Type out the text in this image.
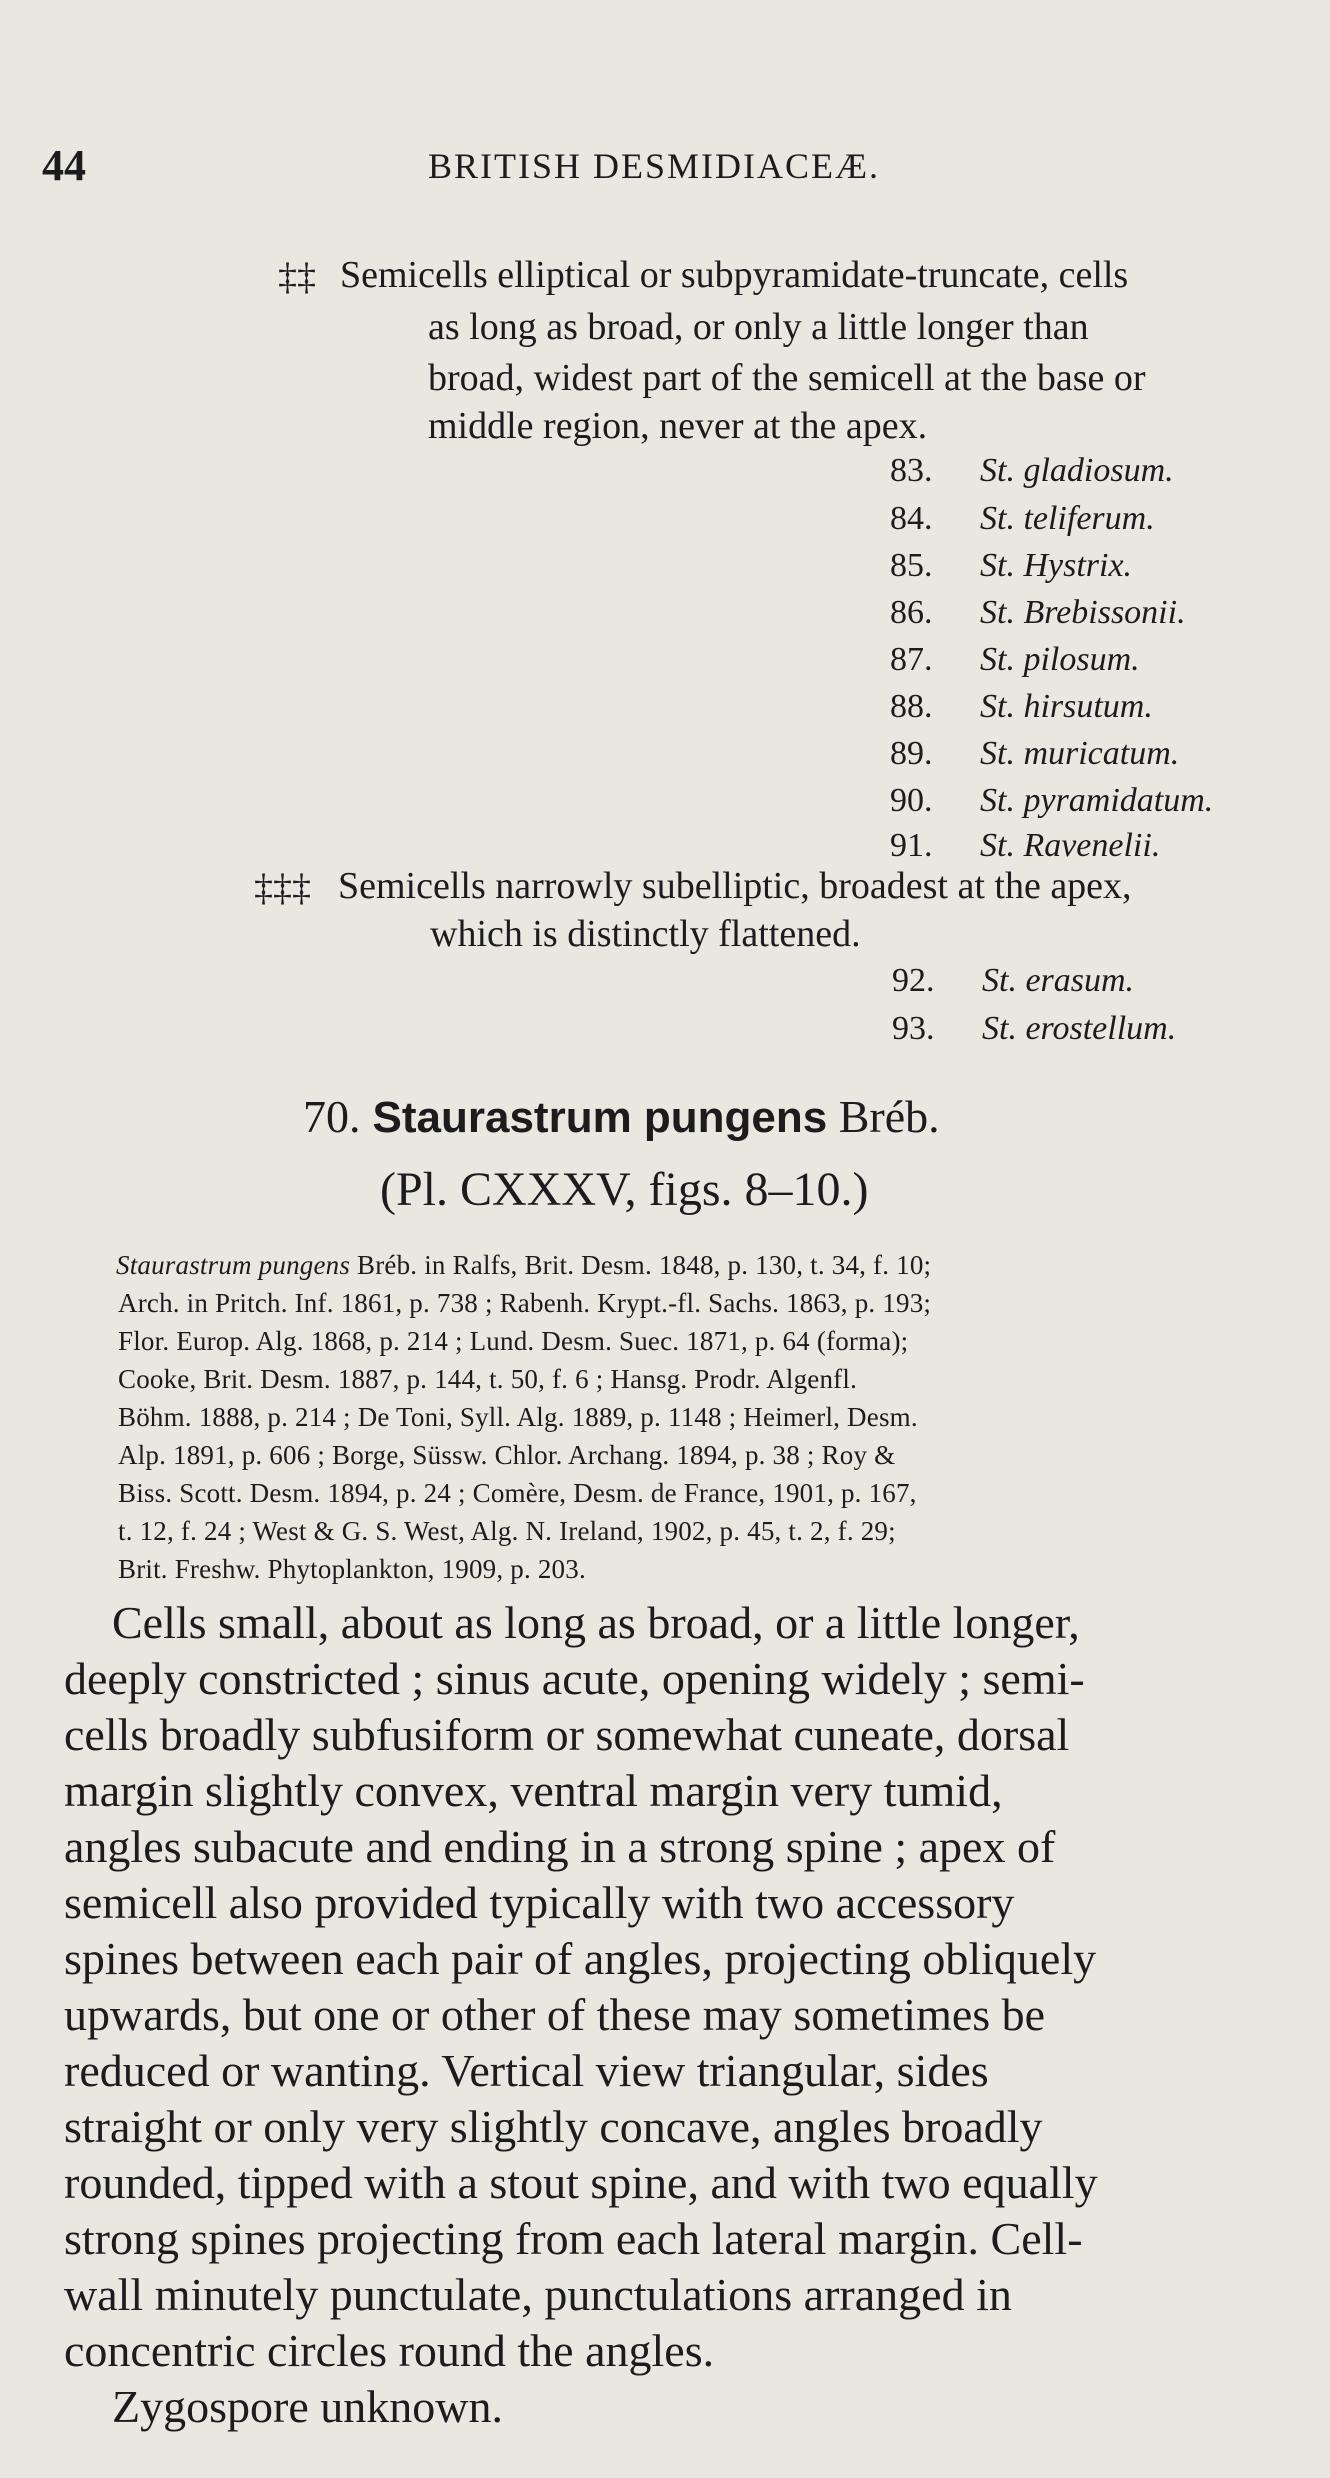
44	BRITISH DESMIDIACEÆ.
‡‡ Semicells elliptical or subpyramidate-truncate, cells
as long as broad, or only a little longer than
broad, widest part of the semicell at the base or
middle region, never at the apex.
83. St. gladiosum.
84. St. teliferum.
85. St. Hystrix.
86. St. Brebissonii.
87. St. pilosum.
88. St. hirsutum.
89. St. muricatum.
90. St. pyramidatum.
91. St. Ravenelii.
‡‡‡ Semicells narrowly subelliptic, broadest at the apex,
which is distinctly flattened.
92. St. erasum.
93. St. erostellum.
70. Staurastrum pungens Bréb.
(Pl. CXXXV, figs. 8–10.)
Staurastrum pungens Bréb. in Ralfs, Brit. Desm. 1848, p. 130, t. 34, f. 10;
Arch. in Pritch. Inf. 1861, p. 738 ; Rabenh. Krypt.-fl. Sachs. 1863, p. 193;
Flor. Europ. Alg. 1868, p. 214 ; Lund. Desm. Suec. 1871, p. 64 (forma);
Cooke, Brit. Desm. 1887, p. 144, t. 50, f. 6 ; Hansg. Prodr. Algenfl.
Böhm. 1888, p. 214 ; De Toni, Syll. Alg. 1889, p. 1148 ; Heimerl, Desm.
Alp. 1891, p. 606 ; Borge, Süssw. Chlor. Archang. 1894, p. 38 ; Roy &
Biss. Scott. Desm. 1894, p. 24 ; Comère, Desm. de France, 1901, p. 167,
t. 12, f. 24 ; West & G. S. West, Alg. N. Ireland, 1902, p. 45, t. 2, f. 29;
Brit. Freshw. Phytoplankton, 1909, p. 203.
Cells small, about as long as broad, or a little longer,
deeply constricted ; sinus acute, opening widely ; semi-
cells broadly subfusiform or somewhat cuneate, dorsal
margin slightly convex, ventral margin very tumid,
angles subacute and ending in a strong spine ; apex of
semicell also provided typically with two accessory
spines between each pair of angles, projecting obliquely
upwards, but one or other of these may sometimes be
reduced or wanting. Vertical view triangular, sides
straight or only very slightly concave, angles broadly
rounded, tipped with a stout spine, and with two equally
strong spines projecting from each lateral margin. Cell-
wall minutely punctulate, punctulations arranged in
concentric circles round the angles.
Zygospore unknown.
